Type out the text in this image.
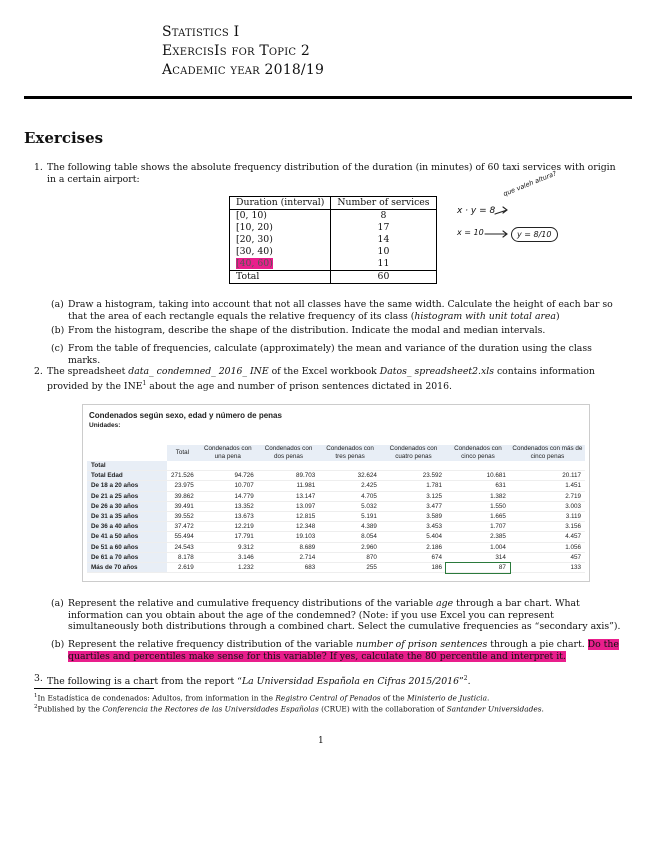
Statistics I
ExercisIs for Topic 2
Academic year 2018/19
Exercises
1. The following table shows the absolute frequency distribution of the duration (in minutes) of 60 taxi services with origin in a certain airport:
Duration (interval)	Number of services
[0, 10)	8
[10, 20)	17
[20, 30)	14
[30, 40)	10
[40, 60)	11
Total	60
x · y = 8
que valeh altura?
x = 10	y = 8/10
(a) Draw a histogram, taking into account that not all classes have the same width. Calculate the height of each bar so that the area of each rectangle equals the relative frequency of its class (histogram with unit total area)
(b) From the histogram, describe the shape of the distribution. Indicate the modal and median intervals.
(c) From the table of frequencies, calculate (approximately) the mean and variance of the duration using the class marks.
2. The spreadsheet data_ condemned_ 2016_ INE of the Excel workbook Datos_ spreadsheet2.xls contains information provided by the INE$^1$ about the age and number of prison sentences dictated in 2016.
Condenados según sexo, edad y número de penas
Unidades:
	Total	Condenados con una pena	Condenados con dos penas	Condenados con tres penas	Condenados con cuatro penas	Condenados con cinco penas	Condenados con más de cinco penas
Total							
Total Edad	271.526	94.726	89.703	32.624	23.592	10.681	20.117
De 18 a 20 años	23.975	10.707	11.981	2.425	1.781	631	1.451
De 21 a 25 años	39.862	14.779	13.147	4.705	3.125	1.382	2.719
De 26 a 30 años	39.491	13.352	13.097	5.032	3.477	1.550	3.003
De 31 a 35 años	39.552	13.673	12.815	5.191	3.589	1.665	3.119
De 36 a 40 años	37.472	12.219	12.348	4.389	3.453	1.707	3.156
De 41 a 50 años	55.494	17.791	19.103	8.054	5.404	2.385	4.457
De 51 a 60 años	24.543	9.312	8.689	2.960	2.186	1.004	1.056
De 61 a 70 años	8.178	3.146	2.714	870	674	314	457
Más de 70 años	2.619	1.232	683	255	186	87	133
(a) Represent the relative and cumulative frequency distributions of the variable age through a bar chart. What information can you obtain about the age of the condemned? (Note: if you use Excel you can represent simultaneously both distributions through a combined chart. Select the cumulative frequencies as “secondary axis”).
(b) Represent the relative frequency distribution of the variable number of prison sentences through a pie chart. Do the quartiles and percentiles make sense for this variable? If yes, calculate the 80 percentile and interpret it.
3. The following is a chart from the report “La Universidad Española en Cifras 2015/2016”$^2$.
$^1$In Estadística de condenados: Adultos, from information in the Registro Central of Penados of the Ministerio de Justicia.
$^2$Published by the Conferencia the Rectores de las Universidades Españolas (CRUE) with the collaboration of Santander Universidades.
1
